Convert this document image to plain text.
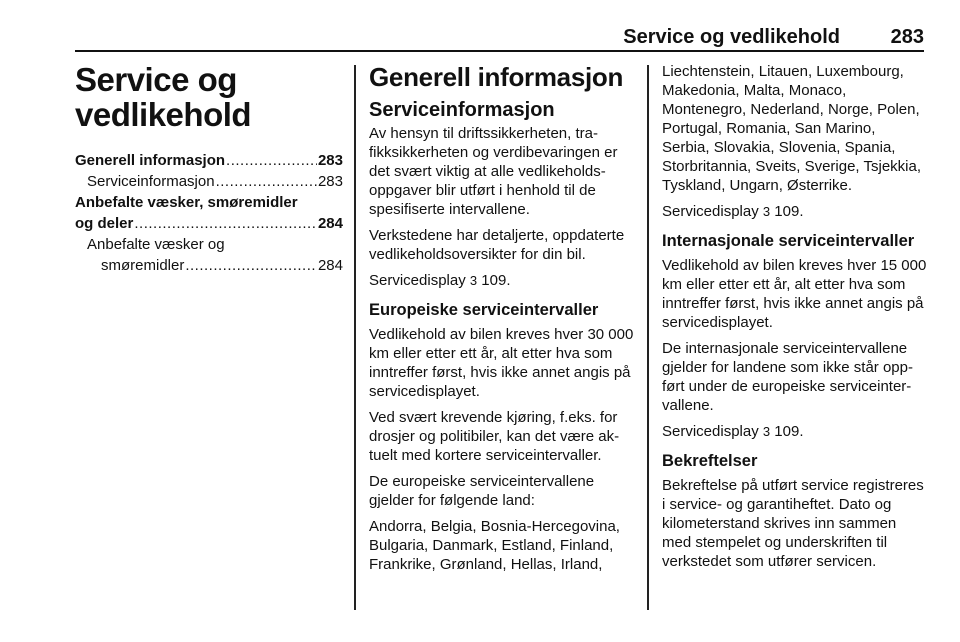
Service og vedlikehold	283
Service og
vedlikehold
Generell informasjon .....	283
Serviceinformasjon .....	283
Anbefalte væsker, smøremidler
og deler .....	284
Anbefalte væsker og
smøremidler .....	284
Generell informasjon
Serviceinformasjon

Av hensyn til driftssikkerheten, trafikksikkerheten og verdibevaringen er det svært viktig at alle vedlikeholdsoppgaver blir utført i henhold til de spesifiserte intervallene.

Verkstedene har detaljerte, oppdaterte vedlikeholdsoversikter for din bil.

Servicedisplay 3 109.

Europeiske serviceintervaller

Vedlikehold av bilen kreves hver 30 000 km eller etter ett år, alt etter hva som inntreffer først, hvis ikke annet angis på servicedisplayet.

Ved svært krevende kjøring, f.eks. for drosjer og politibiler, kan det være aktuelt med kortere serviceintervaller.

De europeiske serviceintervallene gjelder for følgende land:

Andorra, Belgia, Bosnia-Hercegovina, Bulgaria, Danmark, Estland, Finland, Frankrike, Grønland, Hellas, Irland,

Liechtenstein, Litauen, Luxembourg, Makedonia, Malta, Monaco, Montenegro, Nederland, Norge, Polen, Portugal, Romania, San Marino, Serbia, Slovakia, Slovenia, Spania, Storbritannia, Sveits, Sverige, Tsjekkia, Tyskland, Ungarn, Østerrike.

Servicedisplay 3 109.

Internasjonale serviceintervaller

Vedlikehold av bilen kreves hver 15 000 km eller etter ett år, alt etter hva som inntreffer først, hvis ikke annet angis på servicedisplayet.

De internasjonale serviceintervallene gjelder for landene som ikke står oppført under de europeiske serviceintervallene.

Servicedisplay 3 109.

Bekreftelser

Bekreftelse på utført service registreres i service- og garantiheftet. Dato og kilometerstand skrives inn sammen med stempelet og underskriften til verkstedet som utfører servicen.
